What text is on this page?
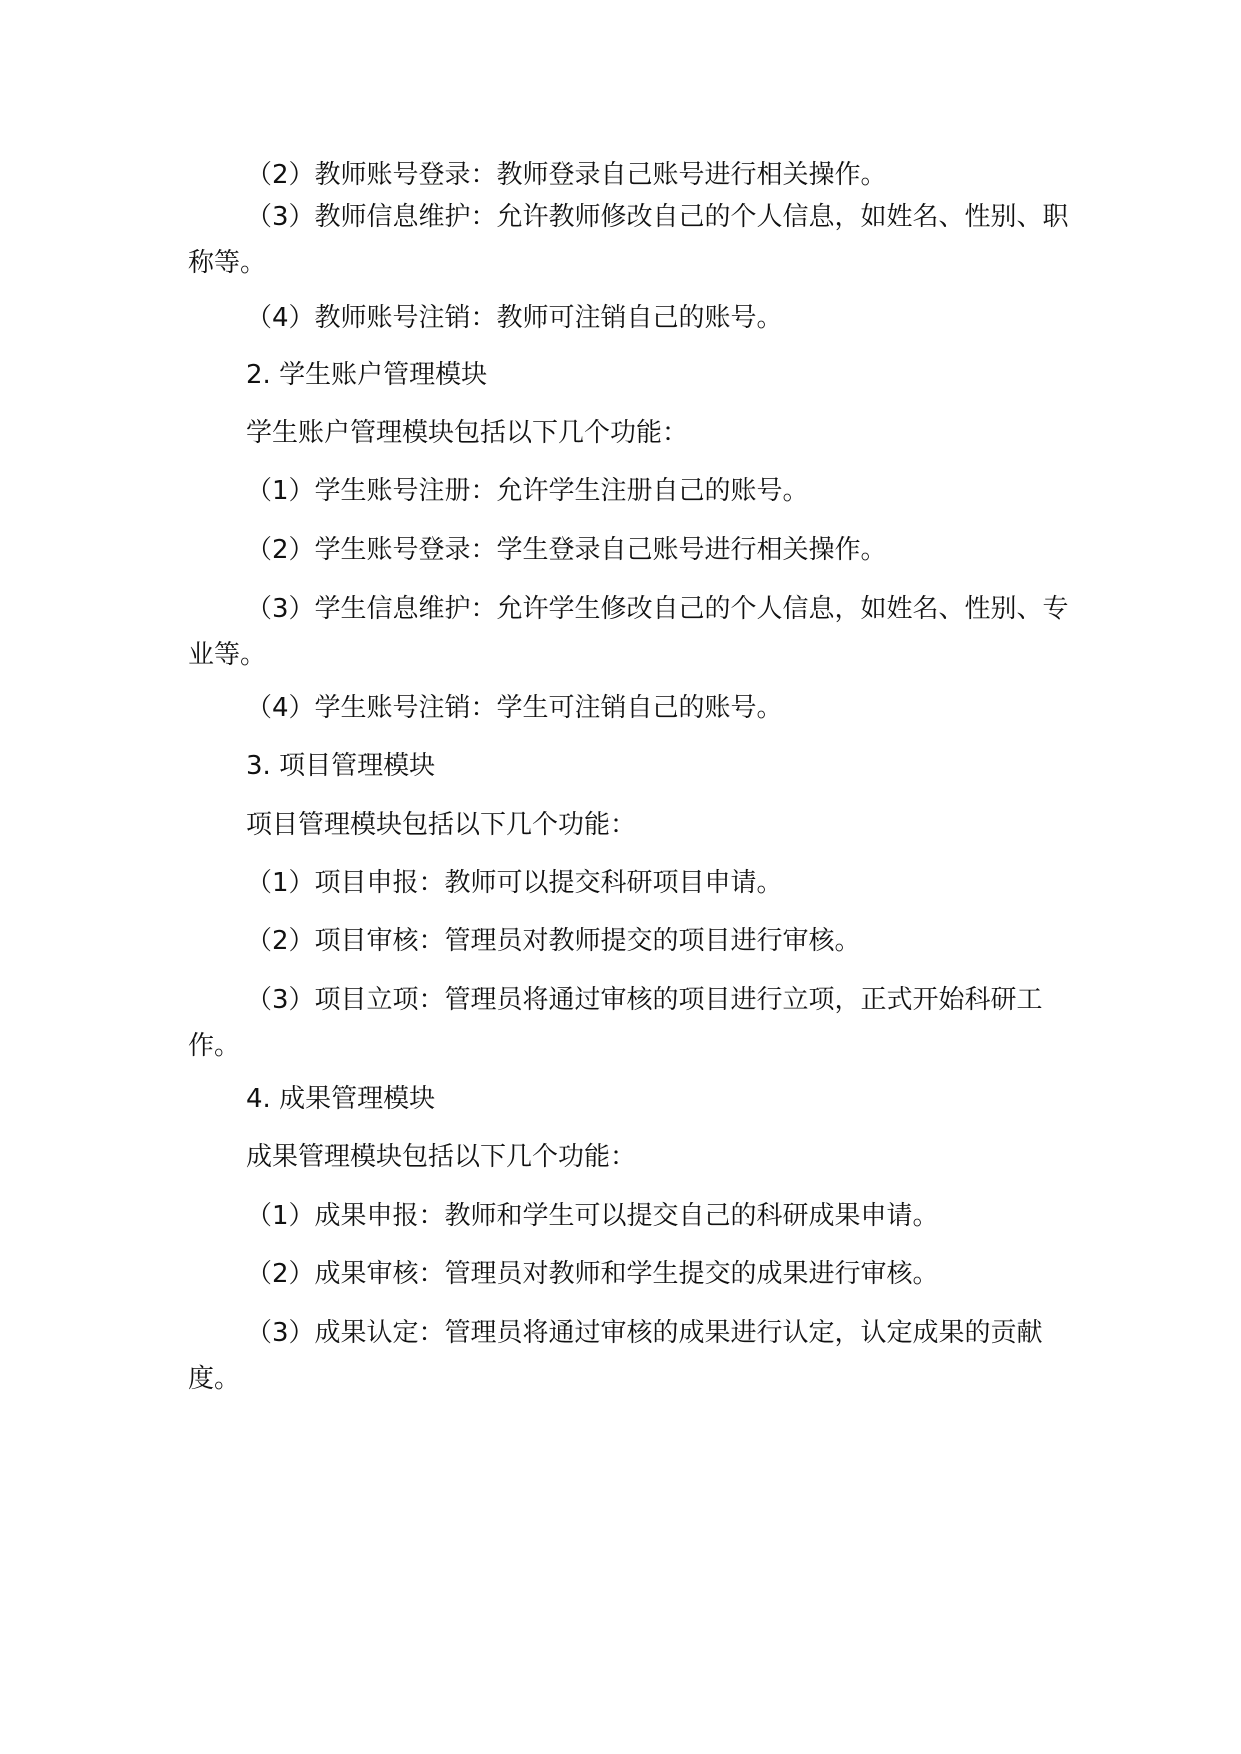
（2）教师账号登录：教师登录自己账号进行相关操作。

（3）教师信息维护：允许教师修改自己的个人信息，如姓名、性别、职称等。

（4）教师账号注销：教师可注销自己的账号。

2. 学生账户管理模块

学生账户管理模块包括以下几个功能：

（1）学生账号注册：允许学生注册自己的账号。

（2）学生账号登录：学生登录自己账号进行相关操作。

（3）学生信息维护：允许学生修改自己的个人信息，如姓名、性别、专业等。

（4）学生账号注销：学生可注销自己的账号。

3. 项目管理模块

项目管理模块包括以下几个功能：

（1）项目申报：教师可以提交科研项目申请。

（2）项目审核：管理员对教师提交的项目进行审核。

（3）项目立项：管理员将通过审核的项目进行立项，正式开始科研工作。

4. 成果管理模块

成果管理模块包括以下几个功能：

（1）成果申报：教师和学生可以提交自己的科研成果申请。

（2）成果审核：管理员对教师和学生提交的成果进行审核。

（3）成果认定：管理员将通过审核的成果进行认定，认定成果的贡献度。
